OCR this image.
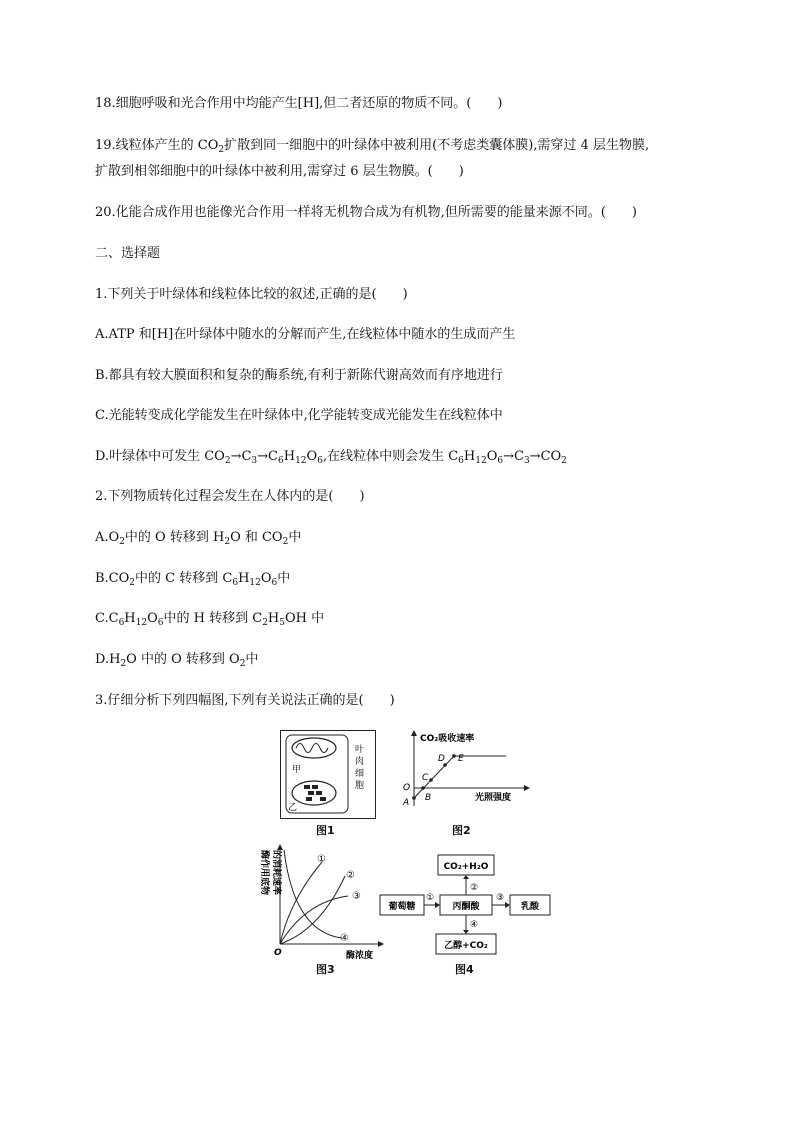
18.细胞呼吸和光合作用中均能产生[H],但二者还原的物质不同。(　　)
19.线粒体产生的 $CO_2$扩散到同一细胞中的叶绿体中被利用(不考虑类囊体膜),需穿过 4 层生物膜,
扩散到相邻细胞中的叶绿体中被利用,需穿过 6 层生物膜。(　　)
20.化能合成作用也能像光合作用一样将无机物合成为有机物,但所需要的能量来源不同。(　　)
二、选择题
1.下列关于叶绿体和线粒体比较的叙述,正确的是(　　)
A.ATP 和[H]在叶绿体中随水的分解而产生,在线粒体中随水的生成而产生
B.都具有较大膜面积和复杂的酶系统,有利于新陈代谢高效而有序地进行
C.光能转变成化学能发生在叶绿体中,化学能转变成光能发生在线粒体中
D.叶绿体中可发生 $CO_2\to C_3\to C_6H_{12}O_6$,在线粒体中则会发生 $C_6H_{12}O_6\to C_3\to CO_2$
2.下列物质转化过程会发生在人体内的是(　　)
$A.O_2$中的 O 转移到 $H_2O$ 和 $CO_2$中
$B.CO_2$中的 C 转移到 $C_6H_{12}O_6$中
$C.C_6H_{12}O_6$中的 H 转移到 $C_2H_5OH$ 中
$D.H_2O$ 中的 O 转移到 $O_2$中
3.仔细分析下列四幅图,下列有关说法正确的是(　　)
甲
乙
叶
肉
细
胞
图1
CO₂吸收速率
光照强度
O
A B
C
D E
图2
酶作用底物 的消耗速率	①
②
③
④
O	酶浓度
图3
CO₂+H₂O
葡萄糖	丙酮酸	乳酸
乙醇+CO₂
①
②
③
④
图4
